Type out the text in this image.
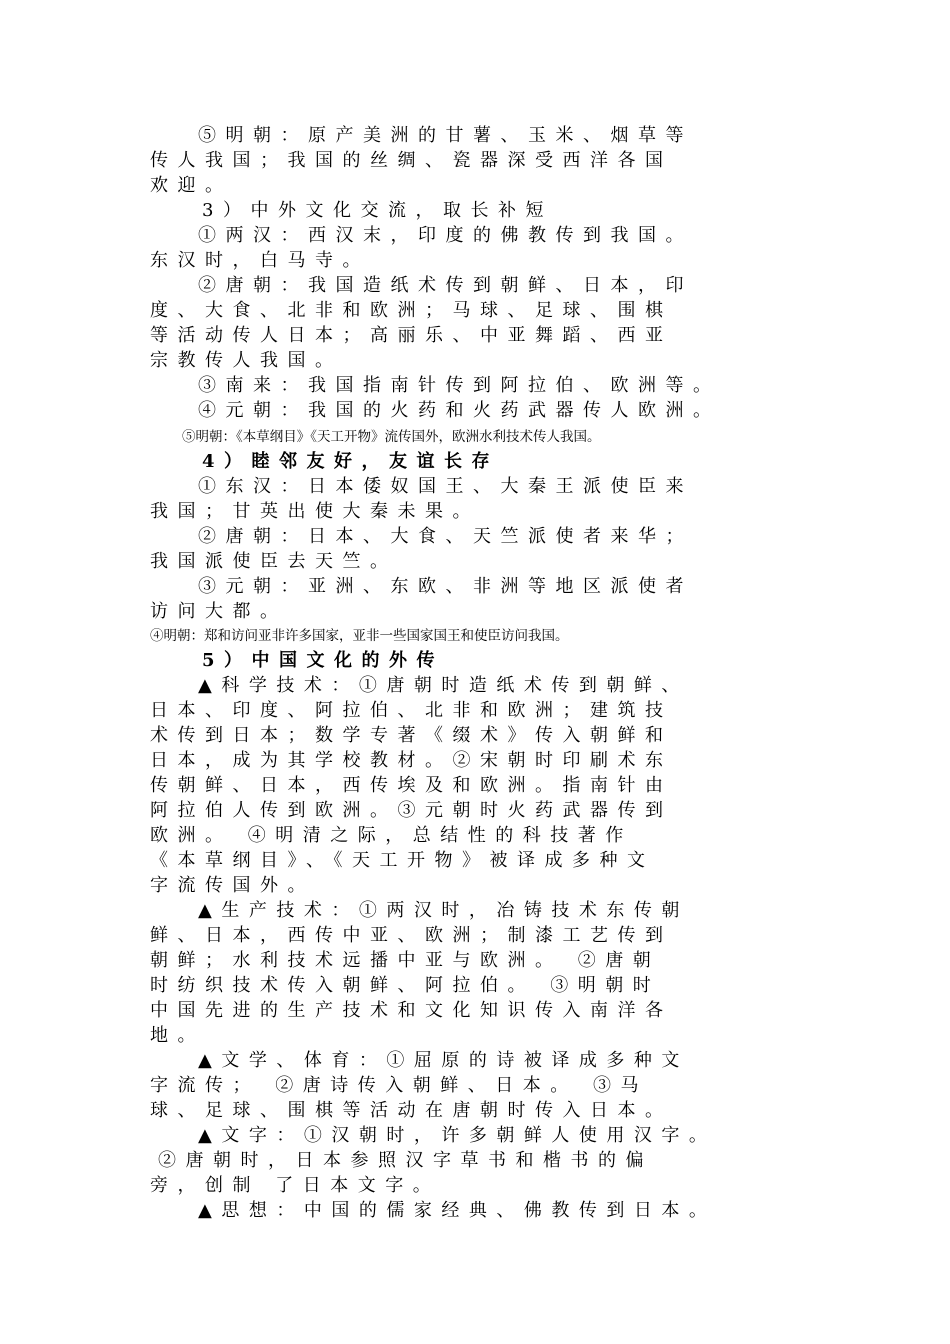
⑤明朝：原产美洲的甘薯、玉米、烟草等
传人我国；我国的丝绸、瓷器深受西洋各国
欢迎。
3）中外文化交流，取长补短
①两汉：西汉末，印度的佛教传到我国。
东汉时，白马寺。
②唐朝：我国造纸术传到朝鲜、日本，印
度、大食、北非和欧洲；马球、足球、围棋
等活动传人日本；高丽乐、中亚舞蹈、西亚
宗教传人我国。
③南来：我国指南针传到阿拉伯、欧洲等。
④元朝：我国的火药和火药武器传人欧洲。
⑤明朝：《本草纲目》《天工开物》流传国外，欧洲水利技术传人我国。
4）睦邻友好，友谊长存
①东汉：日本倭奴国王、大秦王派使臣来
我国；甘英出使大秦未果。
②唐朝：日本、大食、天竺派使者来华；
我国派使臣去天竺。
③元朝：亚洲、东欧、非洲等地区派使者
访问大都。
④明朝：郑和访问亚非许多国家，亚非一些国家国王和使臣访问我国。
5）中国文化的外传
▲科学技术：①唐朝时造纸术传到朝鲜、
日本、印度、阿拉伯、北非和欧洲；建筑技
术传到日本；数学专著《缀术》传入朝鲜和
日本，成为其学校教材。②宋朝时印刷术东
传朝鲜、日本，西传埃及和欧洲。指南针由
阿拉伯人传到欧洲。③元朝时火药武器传到
欧洲。 ④明清之际，总结性的科技著作
《本草纲目》、《天工开物》被译成多种文
字流传国外。
▲生产技术：①两汉时，冶铸技术东传朝
鲜、日本，西传中亚、欧洲；制漆工艺传到
朝鲜；水利技术远播中亚与欧洲。 ②唐朝
时纺织技术传入朝鲜、阿拉伯。 ③明朝时
中国先进的生产技术和文化知识传入南洋各
地。
▲文学、体育：①屈原的诗被译成多种文
字流传； ②唐诗传入朝鲜、日本。 ③马
球、足球、围棋等活动在唐朝时传入日本。
▲文字：①汉朝时，许多朝鲜人使用汉字。
②唐朝时，日本参照汉字草书和楷书的偏
旁，创制 了日本文字。
▲思想：中国的儒家经典、佛教传到日本。
